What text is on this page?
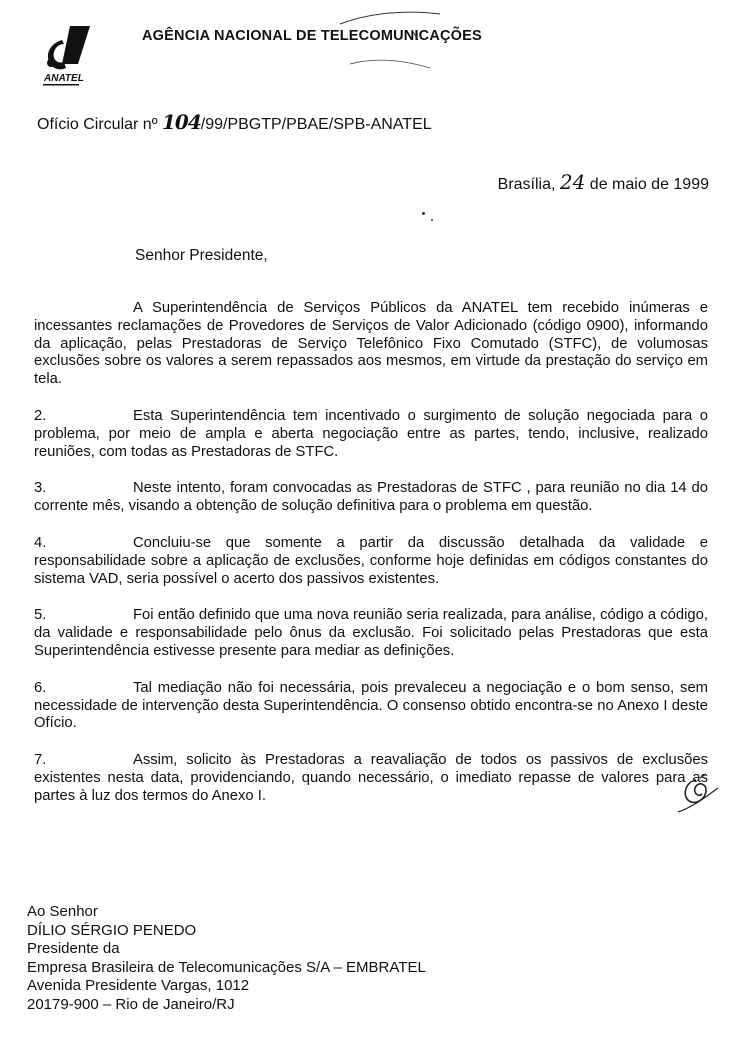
ANATEL
AGÊNCIA NACIONAL DE TELECOMUNICAÇÕES
Ofício Circular nº 104/99/PBGTP/PBAE/SPB-ANATEL
Brasília, 24 de maio de 1999
Senhor Presidente,

A Superintendência de Serviços Públicos da ANATEL tem recebido inúmeras e incessantes reclamações de Provedores de Serviços de Valor Adicionado (código 0900), informando da aplicação, pelas Prestadoras de Serviço Telefônico Fixo Comutado (STFC), de volumosas exclusões sobre os valores a serem repassados aos mesmos, em virtude da prestação do serviço em tela.

2.	Esta Superintendência tem incentivado o surgimento de solução negociada para o problema, por meio de ampla e aberta negociação entre as partes, tendo, inclusive, realizado reuniões, com todas as Prestadoras de STFC.

3.	Neste intento, foram convocadas as Prestadoras de STFC , para reunião no dia 14 do corrente mês, visando a obtenção de solução definitiva para o problema em questão.

4.	Concluiu-se que somente a partir da discussão detalhada da validade e responsabilidade sobre a aplicação de exclusões, conforme hoje definidas em códigos constantes do sistema VAD, seria possível o acerto dos passivos existentes.

5.	Foi então definido que uma nova reunião seria realizada, para análise, código a código, da validade e responsabilidade pelo ônus da exclusão. Foi solicitado pelas Prestadoras que esta Superintendência estivesse presente para mediar as definições.

6.	Tal mediação não foi necessária, pois prevaleceu a negociação e o bom senso, sem necessidade de intervenção desta Superintendência. O consenso obtido encontra-se no Anexo I deste Ofício.

7.	Assim, solicito às Prestadoras a reavaliação de todos os passivos de exclusões existentes nesta data, providenciando, quando necessário, o imediato repasse de valores para as partes à luz dos termos do Anexo I.

Ao Senhor
DÍLIO SÉRGIO PENEDO
Presidente da
Empresa Brasileira de Telecomunicações S/A – EMBRATEL
Avenida Presidente Vargas, 1012
20179-900 – Rio de Janeiro/RJ
